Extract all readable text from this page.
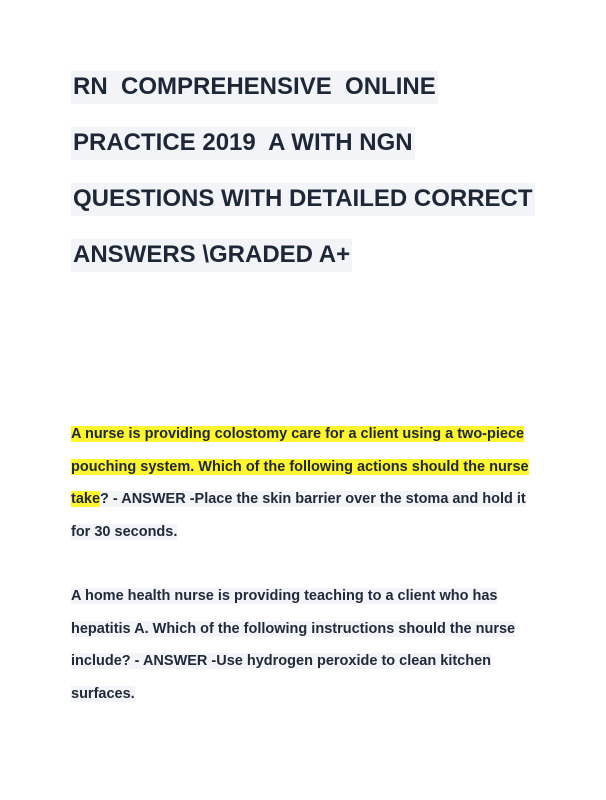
RN  COMPREHENSIVE  ONLINE
PRACTICE 2019  A WITH NGN
QUESTIONS WITH DETAILED CORRECT
ANSWERS \GRADED A+

A nurse is providing colostomy care for a client using a two-piece pouching system. Which of the following actions should the nurse take? - ANSWER -Place the skin barrier over the stoma and hold it for 30 seconds.

A home health nurse is providing teaching to a client who has hepatitis A. Which of the following instructions should the nurse include? - ANSWER -Use hydrogen peroxide to clean kitchen surfaces.
